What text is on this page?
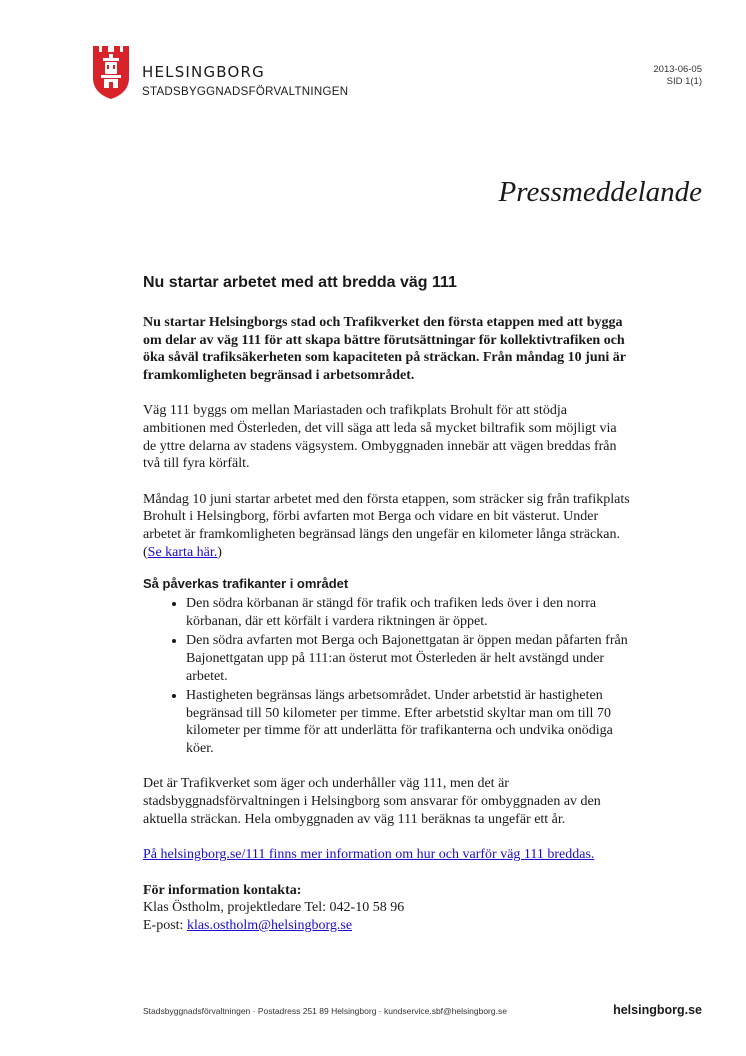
HELSINGBORG
STADSBYGGNADSFÖRVALTNINGEN
2013-06-05
SID 1(1)
Pressmeddelande
Nu startar arbetet med att bredda väg 111

Nu startar Helsingborgs stad och Trafikverket den första etappen med att bygga om delar av väg 111 för att skapa bättre förutsättningar för kollektivtrafiken och öka såväl trafiksäkerheten som kapaciteten på sträckan. Från måndag 10 juni är framkomligheten begränsad i arbetsområdet.

Väg 111 byggs om mellan Mariastaden och trafikplats Brohult för att stödja ambitionen med Österleden, det vill säga att leda så mycket biltrafik som möjligt via de yttre delarna av stadens vägsystem. Ombyggnaden innebär att vägen breddas från två till fyra körfält.

Måndag 10 juni startar arbetet med den första etappen, som sträcker sig från trafikplats Brohult i Helsingborg, förbi avfarten mot Berga och vidare en bit västerut. Under arbetet är framkomligheten begränsad längs den ungefär en kilometer långa sträckan. (Se karta här.)

Så påverkas trafikanter i området
• Den södra körbanan är stängd för trafik och trafiken leds över i den norra körbanan, där ett körfält i vardera riktningen är öppet.
• Den södra avfarten mot Berga och Bajonettgatan är öppen medan påfarten från Bajonettgatan upp på 111:an österut mot Österleden är helt avstängd under arbetet.
• Hastigheten begränsas längs arbetsområdet. Under arbetstid är hastigheten begränsad till 50 kilometer per timme. Efter arbetstid skyltar man om till 70 kilometer per timme för att underlätta för trafikanterna och undvika onödiga köer.

Det är Trafikverket som äger och underhåller väg 111, men det är stadsbyggnadsförvaltningen i Helsingborg som ansvarar för ombyggnaden av den aktuella sträckan. Hela ombyggnaden av väg 111 beräknas ta ungefär ett år.

På helsingborg.se/111 finns mer information om hur och varför väg 111 breddas.

För information kontakta:

Klas Östholm, projektledare Tel: 042-10 58 96

E-post: klas.ostholm@helsingborg.se

Stadsbyggnadsförvaltningen · Postadress 251 89 Helsingborg · kundservice.sbf@helsingborg.se	helsingborg.se
